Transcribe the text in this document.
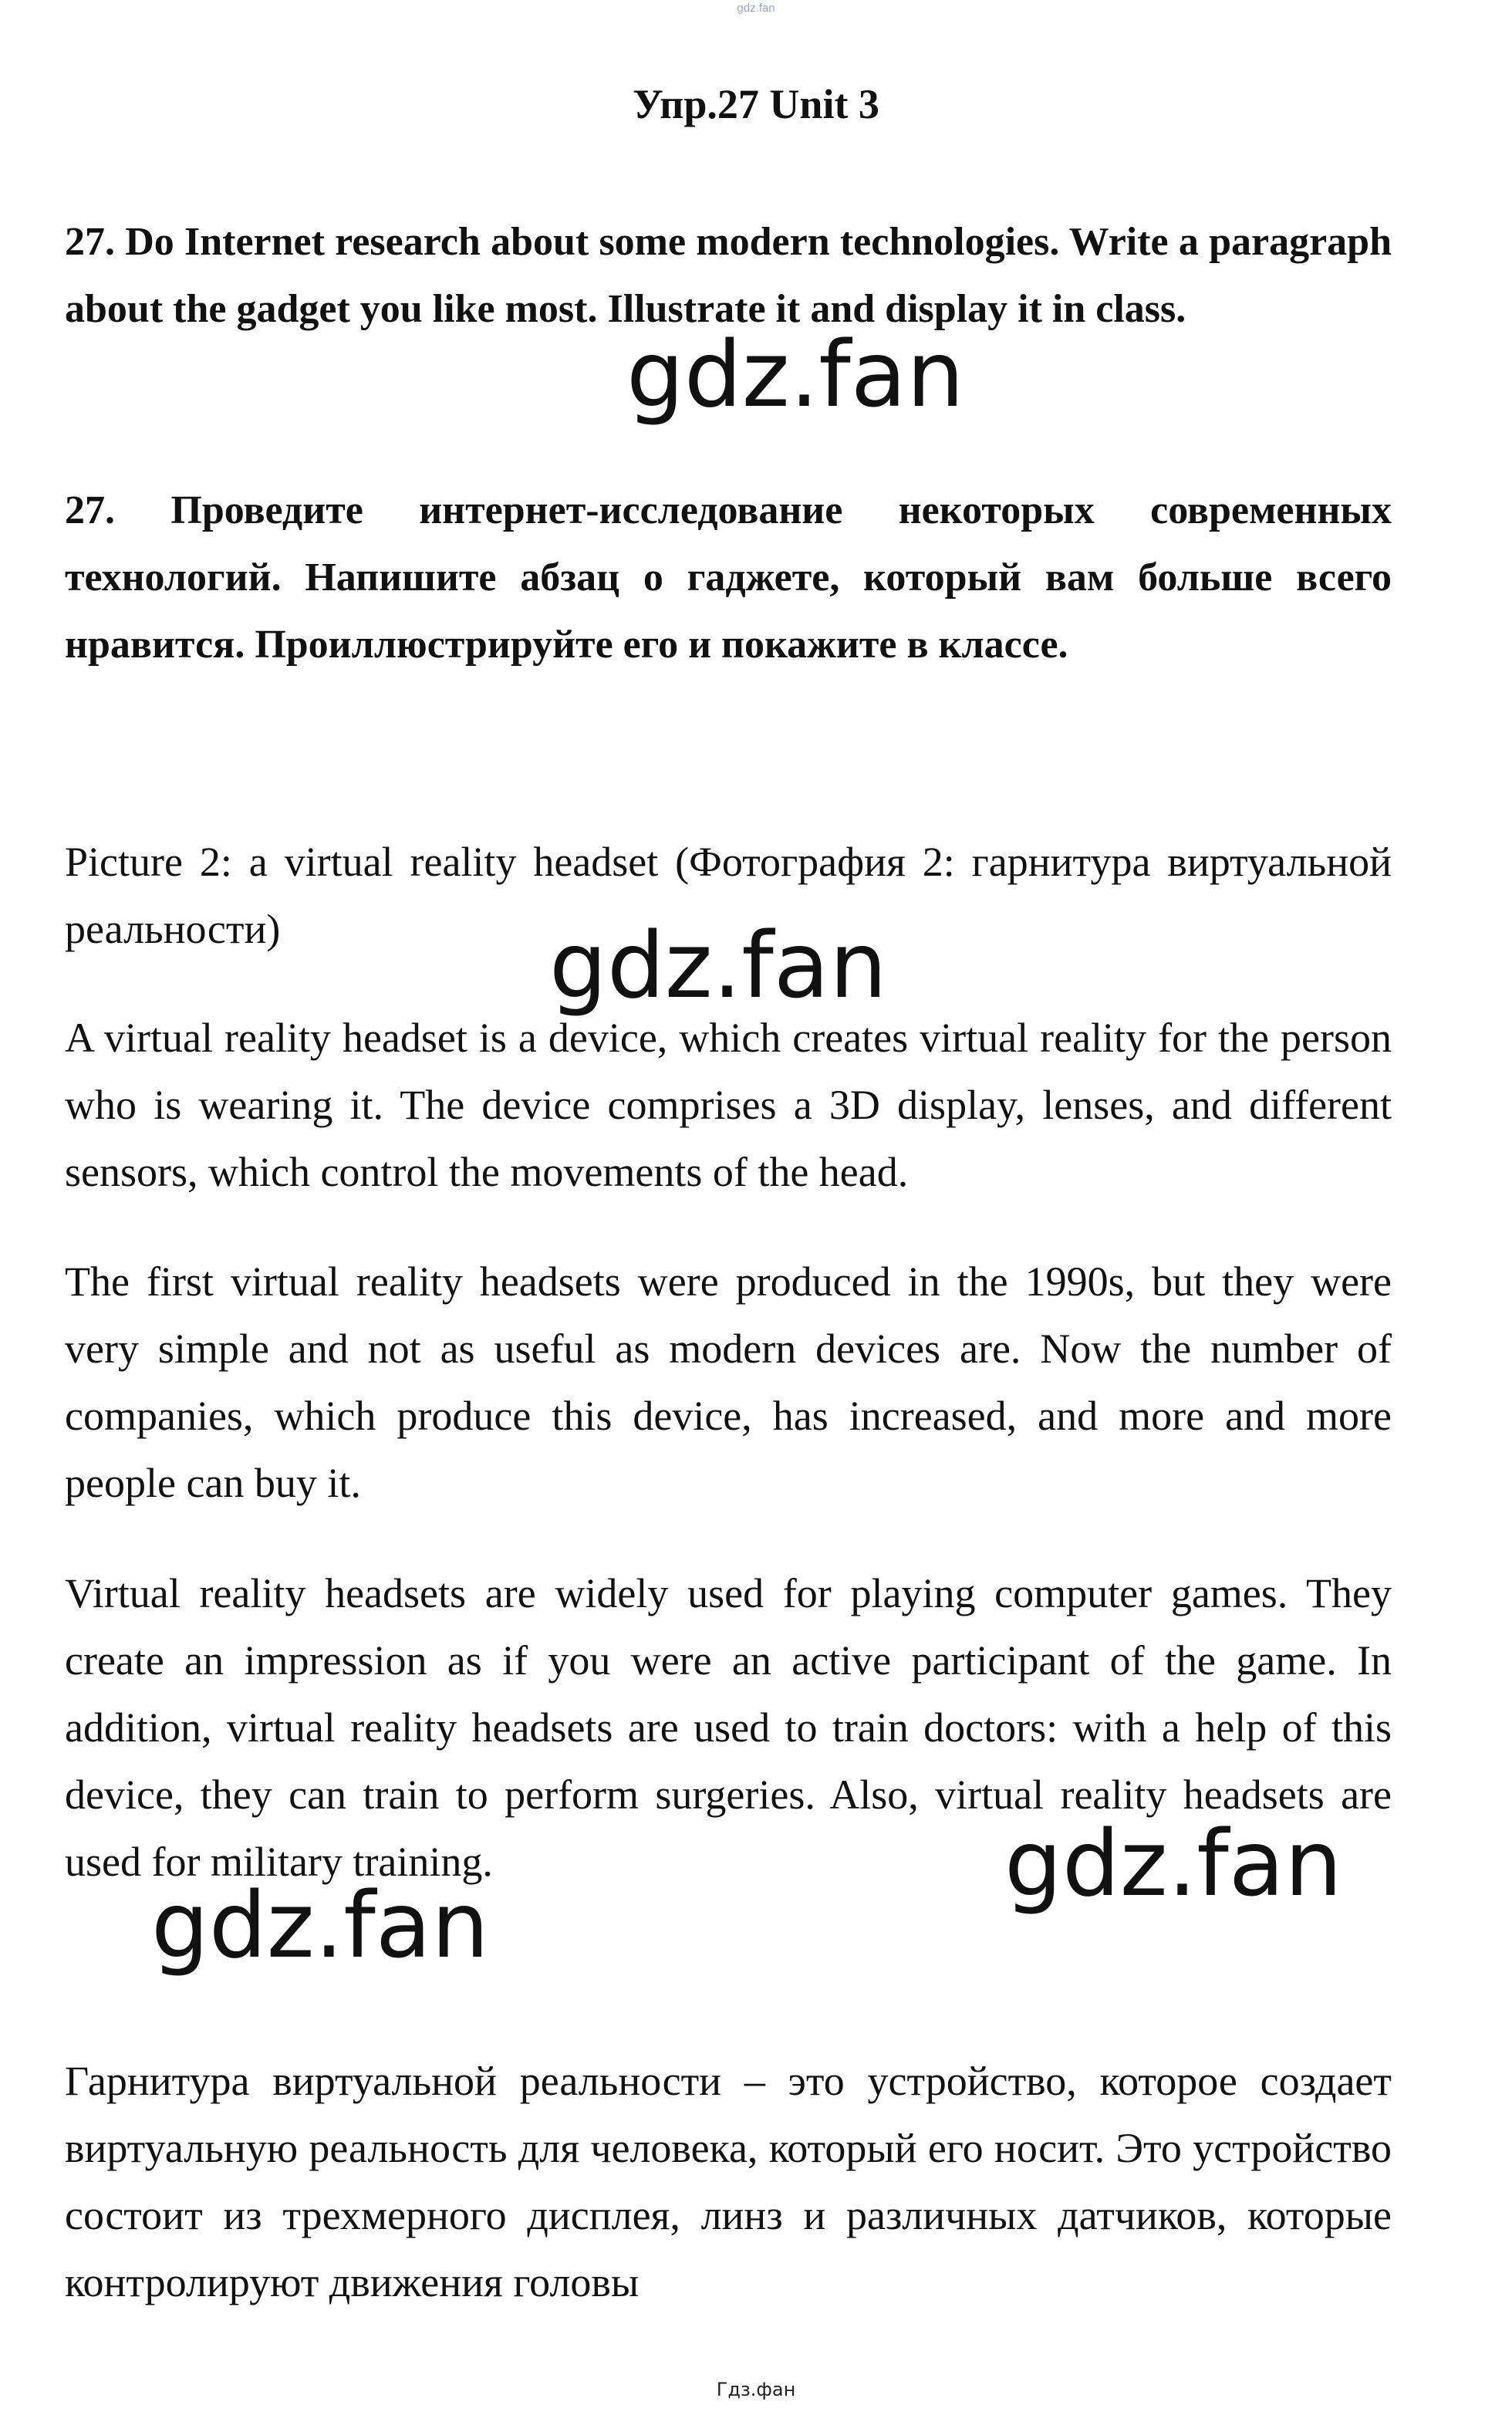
gdz.fan
Упр.27 Unit 3

27. Do Internet research about some modern technologies. Write a paragraph about the gadget you like most. Illustrate it and display it in class.

27. Проведите интернет-исследование некоторых современных технологий. Напишите абзац о гаджете, который вам больше всего нравится. Проиллюстрируйте его и покажите в классе.

Picture 2: a virtual reality headset (Фотография 2: гарнитура виртуальной реальности)

A virtual reality headset is a device, which creates virtual reality for the person who is wearing it. The device comprises a 3D display, lenses, and different sensors, which control the movements of the head.

The first virtual reality headsets were produced in the 1990s, but they were very simple and not as useful as modern devices are. Now the number of companies, which produce this device, has increased, and more and more people can buy it.

Virtual reality headsets are widely used for playing computer games. They create an impression as if you were an active participant of the game. In addition, virtual reality headsets are used to train doctors: with a help of this device, they can train to perform surgeries. Also, virtual reality headsets are used for military training.

Гарнитура виртуальной реальности – это устройство, которое создает виртуальную реальность для человека, который его носит. Это устройство состоит из трехмерного дисплея, линз и различных датчиков, которые контролируют движения головы

gdz.fan
gdz.fan
gdz.fan
gdz.fan
Гдз.фан
